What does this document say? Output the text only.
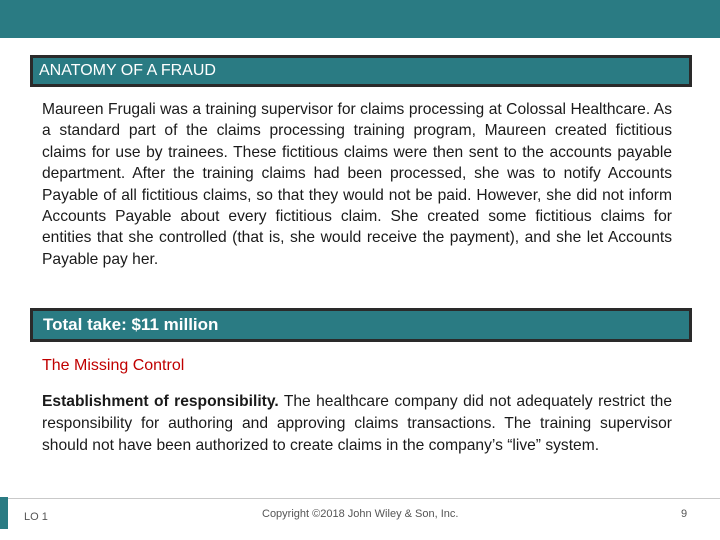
ANATOMY OF A FRAUD

Maureen Frugali was a training supervisor for claims processing at Colossal Healthcare. As a standard part of the claims processing training program, Maureen created fictitious claims for use by trainees. These fictitious claims were then sent to the accounts payable department. After the training claims had been processed, she was to notify Accounts Payable of all fictitious claims, so that they would not be paid. However, she did not inform Accounts Payable about every fictitious claim. She created some fictitious claims for entities that she controlled (that is, she would receive the payment), and she let Accounts Payable pay her.

Total take: $11 million
The Missing Control

Establishment of responsibility. The healthcare company did not adequately restrict the responsibility for authoring and approving claims transactions. The training supervisor should not have been authorized to create claims in the company’s “live” system.

LO 1	Copyright ©2018 John Wiley & Son, Inc.	9
